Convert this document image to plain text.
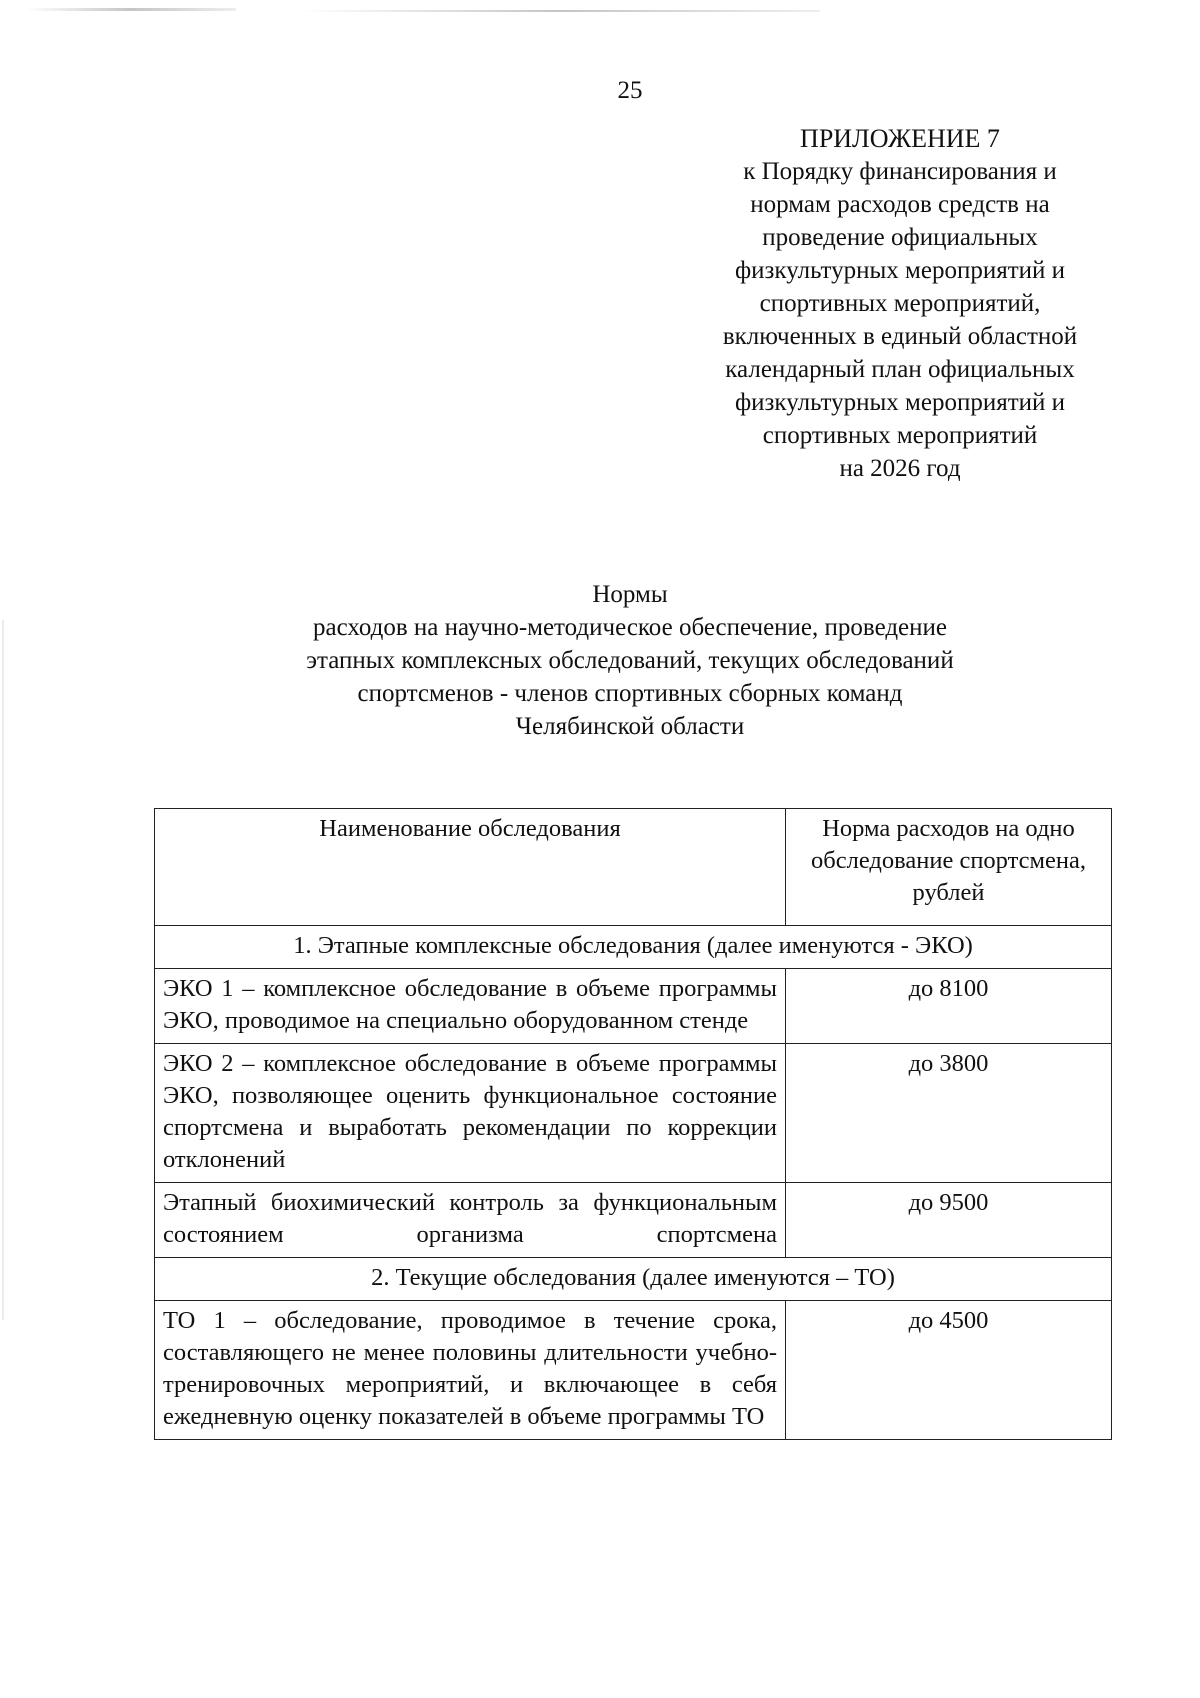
25
ПРИЛОЖЕНИЕ 7
к Порядку финансирования и
нормам расходов средств на
проведение официальных
физкультурных мероприятий и
спортивных мероприятий,
включенных в единый областной
календарный план официальных
физкультурных мероприятий и
спортивных мероприятий
на 2026 год
Нормы
расходов на научно-методическое обеспечение, проведение
этапных комплексных обследований, текущих обследований
спортсменов - членов спортивных сборных команд
Челябинской области
Наименование обследования	Норма расходов на одно обследование спортсмена, рублей
1. Этапные комплексные обследования (далее именуются - ЭКО)	
ЭКО 1 – комплексное обследование в объеме программы ЭКО, проводимое на специально оборудованном стенде	до 8100
ЭКО 2 – комплексное обследование в объеме программы ЭКО, позволяющее оценить функциональное состояние спортсмена и выработать рекомендации по коррекции отклонений	до 3800
Этапный биохимический контроль за функциональным состоянием организма спортсмена	до 9500
2. Текущие обследования (далее именуются – ТО)	
ТО 1 – обследование, проводимое в течение срока, составляющего не менее половины длительности учебно-тренировочных мероприятий, и включающее в себя ежедневную оценку показателей в объеме программы ТО	до 4500
